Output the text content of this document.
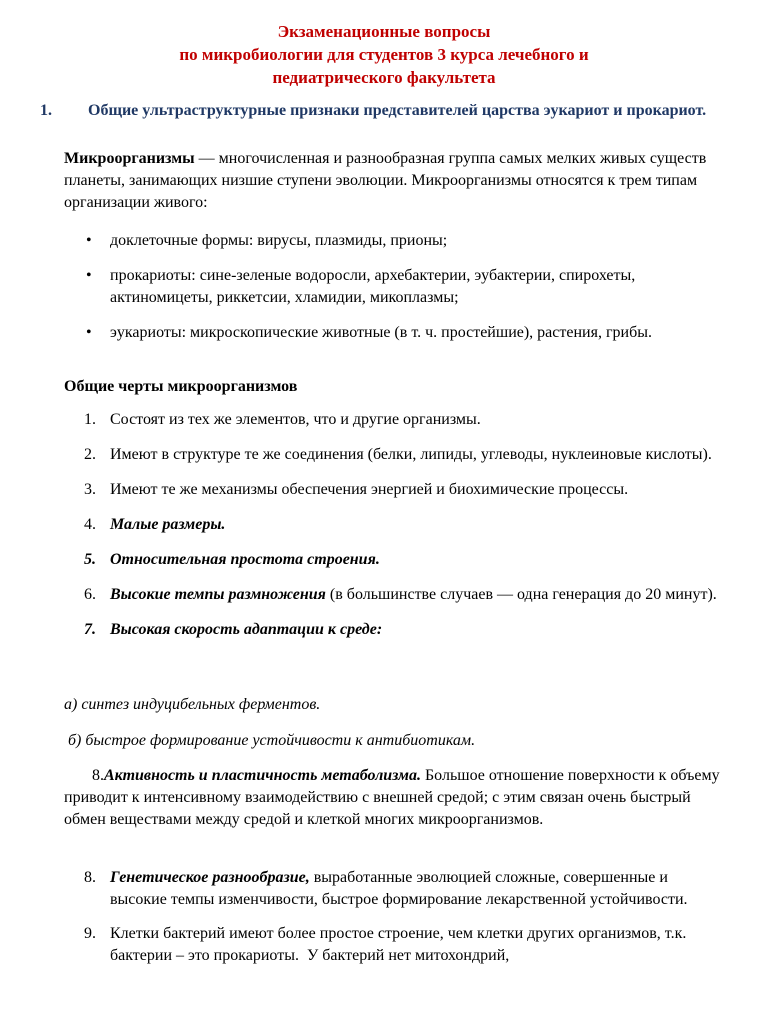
Экзаменационные вопросы
по микробиологии для студентов 3 курса лечебного и
педиатрического факультета
1. Общие ультраструктурные признаки представителей царства эукариот и прокариот.
Микроорганизмы — многочисленная и разнообразная группа самых мелких живых существ планеты, занимающих низшие ступени эволюции. Микроорганизмы относятся к трем типам организации живого:
• доклеточные формы: вирусы, плазмиды, прионы;
• прокариоты: сине-зеленые водоросли, архебактерии, эубактерии, спирохеты, актиномицеты, риккетсии, хламидии, микоплазмы;
• эукариоты: микроскопические животные (в т. ч. простейшие), растения, грибы.
Общие черты микроорганизмов
1. Состоят из тех же элементов, что и другие организмы.
2. Имеют в структуре те же соединения (белки, липиды, углеводы, нуклеиновые кислоты).
3. Имеют те же механизмы обеспечения энергией и биохимические процессы.
4. Малые размеры.
5. Относительная простота строения.
6. Высокие темпы размножения (в большинстве случаев — одна генерация до 20 минут).
7. Высокая скорость адаптации к среде:
а) синтез индуцибельных ферментов.
б) быстрое формирование устойчивости к антибиотикам.
8.Активность и пластичность метаболизма. Большое отношение поверхности к объему приводит к интенсивному взаимодействию с внешней средой; с этим связан очень быстрый обмен веществами между средой и клеткой многих микроорганизмов.
8. Генетическое разнообразие, выработанные эволюцией сложные, совершенные и высокие темпы изменчивости, быстрое формирование лекарственной устойчивости.
9. Клетки бактерий имеют более простое строение, чем клетки других организмов, т.к. бактерии – это прокариоты.  У бактерий нет митохондрий,
